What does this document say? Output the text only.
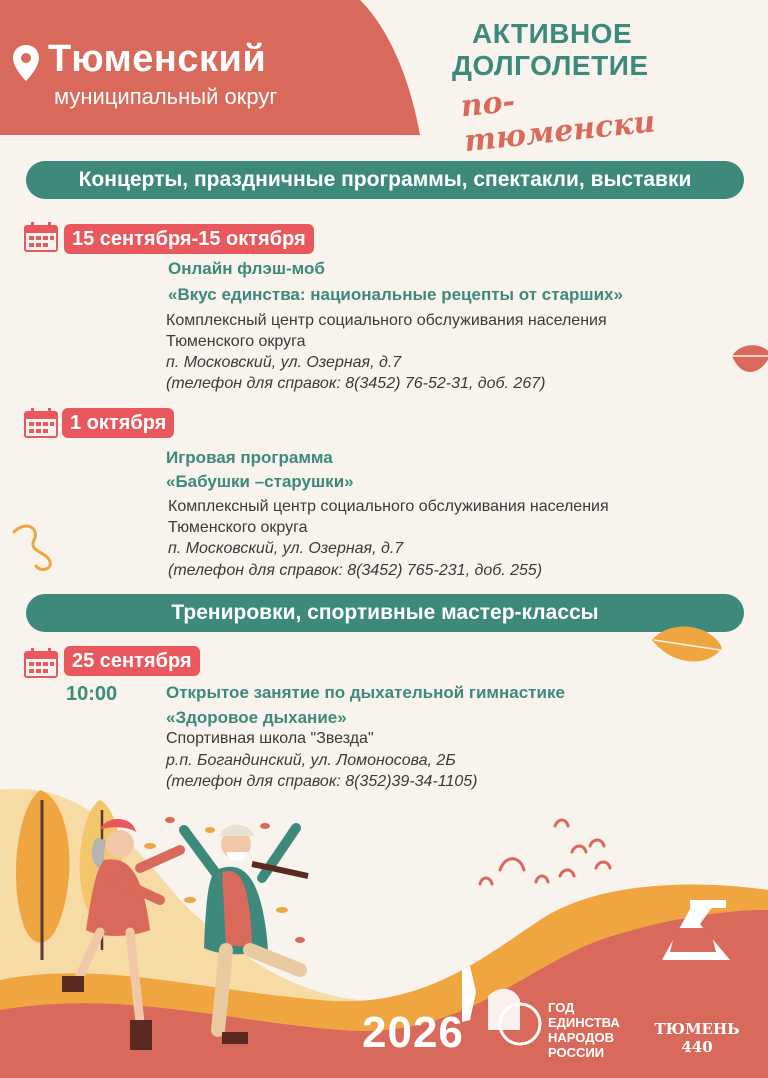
Тюменский
муниципальный округ
АКТИВНОЕ
ДОЛГОЛЕТИЕ
по-тюменски
Концерты, праздничные программы, спектакли, выставки
15 сентября-15 октября
Онлайн флэш-моб
«Вкус единства: национальные рецепты от старших»
Комплексный центр социального обслуживания населения
Тюменского округа
п. Московский, ул. Озерная, д.7
(телефон для справок: 8(3452) 76-52-31, доб. 267)
1 октября
Игровая программа
«Бабушки –старушки»
Комплексный центр социального обслуживания населения
Тюменского округа
п. Московский, ул. Озерная, д.7
(телефон для справок: 8(3452) 765-231, доб. 255)
Тренировки, спортивные мастер-классы
25 сентября
10:00	Открытое занятие по дыхательной гимнастике
«Здоровое дыхание»
Спортивная школа "Звезда"
р.п. Богандинский, ул. Ломоносова, 2Б
(телефон для справок: 8(352)39-34-1105)
2026
ГОД
ЕДИНСТВА
НАРОДОВ
РОССИИ
ТЮМЕНЬ
440
